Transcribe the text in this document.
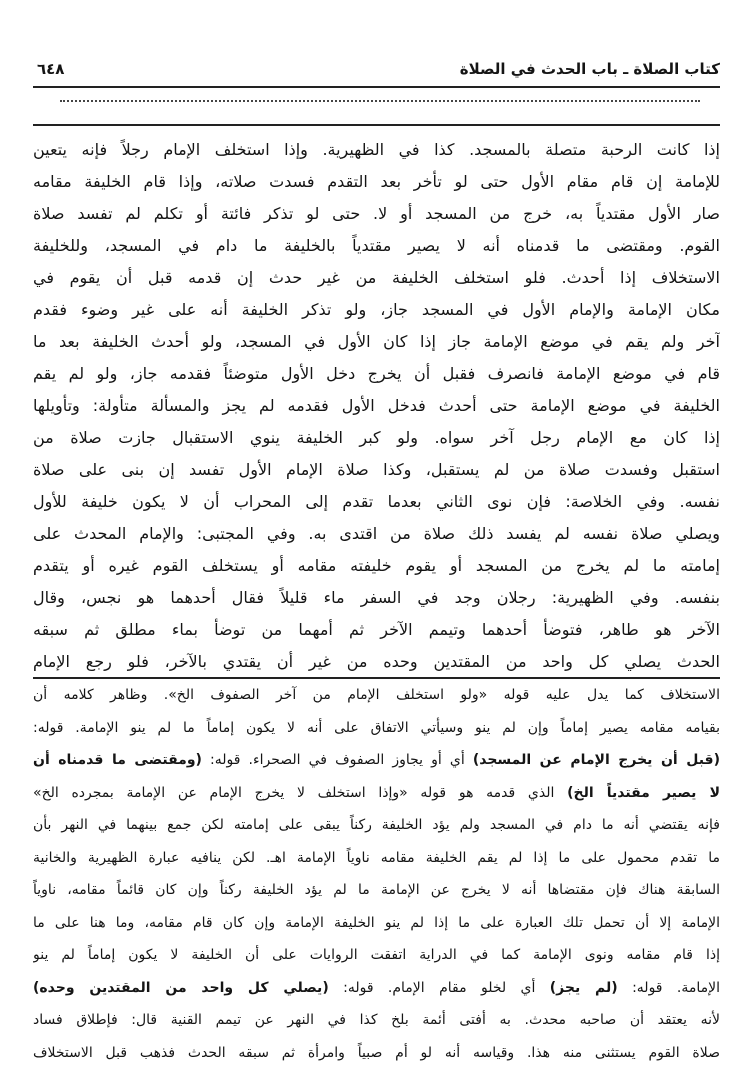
كتاب الصلاة ـ باب الحدث في الصلاة
٦٤٨
إذا كانت الرحبة متصلة بالمسجد. كذا في الظهيرية. وإذا استخلف الإمام رجلاً فإنه يتعين
للإمامة إن قام مقام الأول حتى لو تأخر بعد التقدم فسدت صلاته، وإذا قام الخليفة مقامه
صار الأول مقتدياً به، خرج من المسجد أو لا. حتى لو تذكر فائتة أو تكلم لم تفسد صلاة
القوم. ومقتضى ما قدمناه أنه لا يصير مقتدياً بالخليفة ما دام في المسجد، وللخليفة
الاستخلاف إذا أحدث. فلو استخلف الخليفة من غير حدث إن قدمه قبل أن يقوم في
مكان الإمامة والإمام الأول في المسجد جاز، ولو تذكر الخليفة أنه على غير وضوء فقدم
آخر ولم يقم في موضع الإمامة جاز إذا كان الأول في المسجد، ولو أحدث الخليفة بعد ما
قام في موضع الإمامة فانصرف فقبل أن يخرج دخل الأول متوضئاً فقدمه جاز، ولو لم يقم
الخليفة في موضع الإمامة حتى أحدث فدخل الأول فقدمه لم يجز والمسألة متأولة: وتأويلها
إذا كان مع الإمام رجل آخر سواه. ولو كبر الخليفة ينوي الاستقبال جازت صلاة من
استقبل وفسدت صلاة من لم يستقبل، وكذا صلاة الإمام الأول تفسد إن بنى على صلاة
نفسه. وفي الخلاصة: فإن نوى الثاني بعدما تقدم إلى المحراب أن لا يكون خليفة للأول
ويصلي صلاة نفسه لم يفسد ذلك صلاة من اقتدى به. وفي المجتبى: والإمام المحدث على
إمامته ما لم يخرج من المسجد أو يقوم خليفته مقامه أو يستخلف القوم غيره أو يتقدم
بنفسه. وفي الظهيرية: رجلان وجد في السفر ماء قليلاً فقال أحدهما هو نجس، وقال
الآخر هو طاهر، فتوضأ أحدهما وتيمم الآخر ثم أمهما من توضأ بماء مطلق ثم سبقه
الحدث يصلي كل واحد من المقتدين وحده من غير أن يقتدي بالآخر، فلو رجع الإمام
الاستخلاف كما يدل عليه قوله «ولو استخلف الإمام من آخر الصفوف الخ». وظاهر كلامه أن
بقيامه مقامه يصير إماماً وإن لم ينو وسيأتي الاتفاق على أنه لا يكون إماماً ما لم ينو الإمامة. قوله:
(قبل أن يخرج الإمام عن المسجد) أي أو يجاوز الصفوف في الصحراء. قوله: (ومقتضى ما قدمناه أن
لا يصير مقتدياً الخ) الذي قدمه هو قوله «وإذا استخلف لا يخرج الإمام عن الإمامة بمجرده الخ»
فإنه يقتضي أنه ما دام في المسجد ولم يؤد الخليفة ركناً يبقى على إمامته لكن جمع بينهما في النهر بأن
ما تقدم محمول على ما إذا لم يقم الخليفة مقامه ناوياً الإمامة اهـ. لكن ينافيه عبارة الظهيرية والخانية
السابقة هناك فإن مقتضاها أنه لا يخرج عن الإمامة ما لم يؤد الخليفة ركناً وإن كان قائماً مقامه، ناوياً
الإمامة إلا أن تحمل تلك العبارة على ما إذا لم ينو الخليفة الإمامة وإن كان قام مقامه، وما هنا على ما
إذا قام مقامه ونوى الإمامة كما في الدراية اتفقت الروايات على أن الخليفة لا يكون إماماً لم ينو
الإمامة. قوله: (لم يجز) أي لخلو مقام الإمام. قوله: (يصلي كل واحد من المقتدين وحده)
لأنه يعتقد أن صاحبه محدث. به أفتى أئمة بلخ كذا في النهر عن تيمم القنية قال: فإطلاق فساد
صلاة القوم يستثنى منه هذا. وقياسه أنه لو أم صبياً وامرأة ثم سبقه الحدث فذهب قبل الاستخلاف
